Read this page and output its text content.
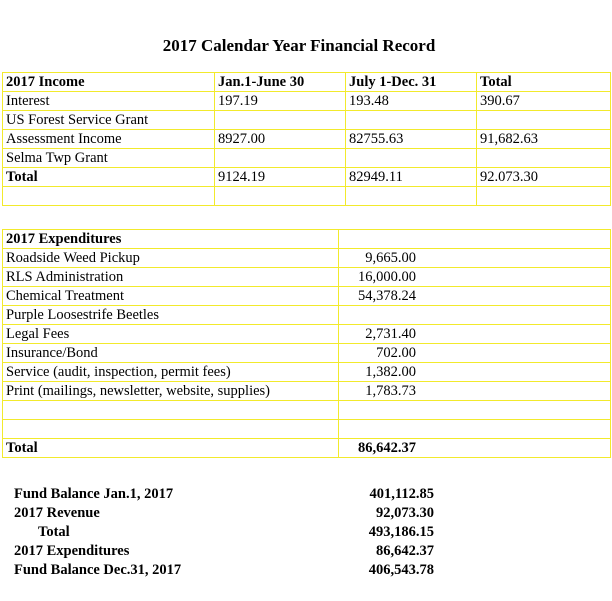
2017 Calendar Year Financial Record
2017 Income	Jan.1-June 30	July 1-Dec. 31	Total
Interest	197.19	193.48	390.67
US Forest Service Grant			
Assessment Income	8927.00	82755.63	91,682.63
Selma Twp Grant			
Total	9124.19	82949.11	92.073.30

2017 Expenditures	
Roadside Weed Pickup	9,665.00
RLS Administration	16,000.00
Chemical Treatment	54,378.24
Purple Loosestrife Beetles	
Legal Fees	2,731.40
Insurance/Bond	702.00
Service (audit, inspection, permit fees)	1,382.00
Print (mailings, newsletter, website, supplies)	1,783.73

Total	86,642.37
Fund Balance Jan.1, 2017	401,112.85
2017 Revenue	92,073.30
Total	493,186.15
2017 Expenditures	86,642.37
Fund Balance Dec.31, 2017	406,543.78
